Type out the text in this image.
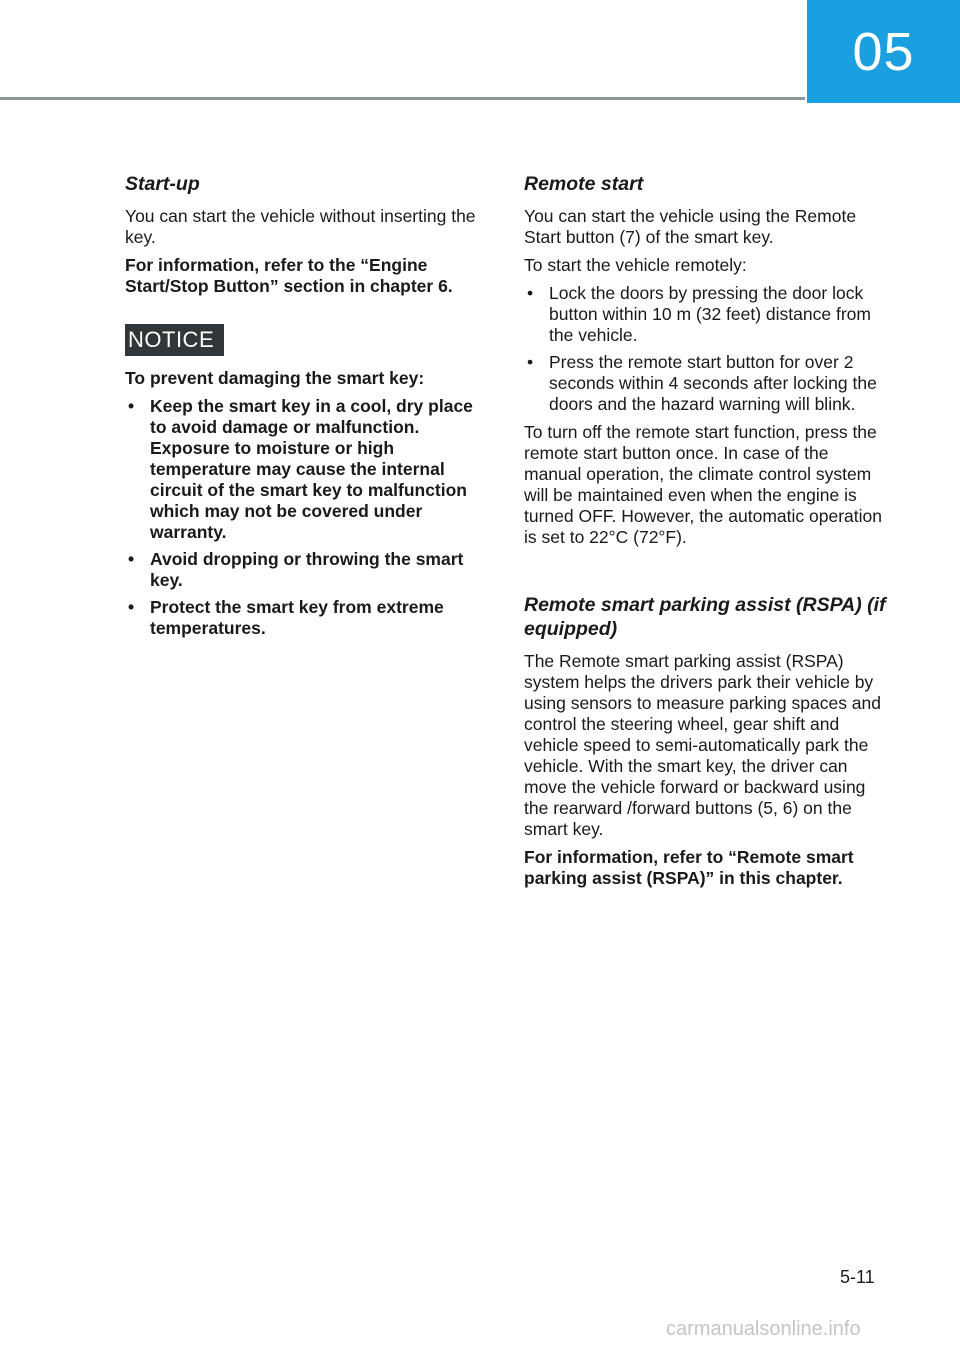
05
Start-up

You can start the vehicle without inserting the key.

For information, refer to the “Engine Start/Stop Button” section in chapter 6.

NOTICE

To prevent damaging the smart key:

• Keep the smart key in a cool, dry place to avoid damage or malfunction. Exposure to moisture or high temperature may cause the internal circuit of the smart key to malfunction which may not be covered under warranty.
• Avoid dropping or throwing the smart key.
• Protect the smart key from extreme temperatures.
Remote start

You can start the vehicle using the Remote Start button (7) of the smart key.

To start the vehicle remotely:

• Lock the doors by pressing the door lock button within 10 m (32 feet) distance from the vehicle.
• Press the remote start button for over 2 seconds within 4 seconds after locking the doors and the hazard warning will blink.

To turn off the remote start function, press the remote start button once. In case of the manual operation, the climate control system will be maintained even when the engine is turned OFF. However, the automatic operation is set to 22°C (72°F).

Remote smart parking assist (RSPA) (if equipped)

The Remote smart parking assist (RSPA) system helps the drivers park their vehicle by using sensors to measure parking spaces and control the steering wheel, gear shift and vehicle speed to semi-automatically park the vehicle. With the smart key, the driver can move the vehicle forward or backward using the rearward /forward buttons (5, 6) on the smart key.

For information, refer to “Remote smart parking assist (RSPA)” in this chapter.

5-11
carmanualsonline.info
